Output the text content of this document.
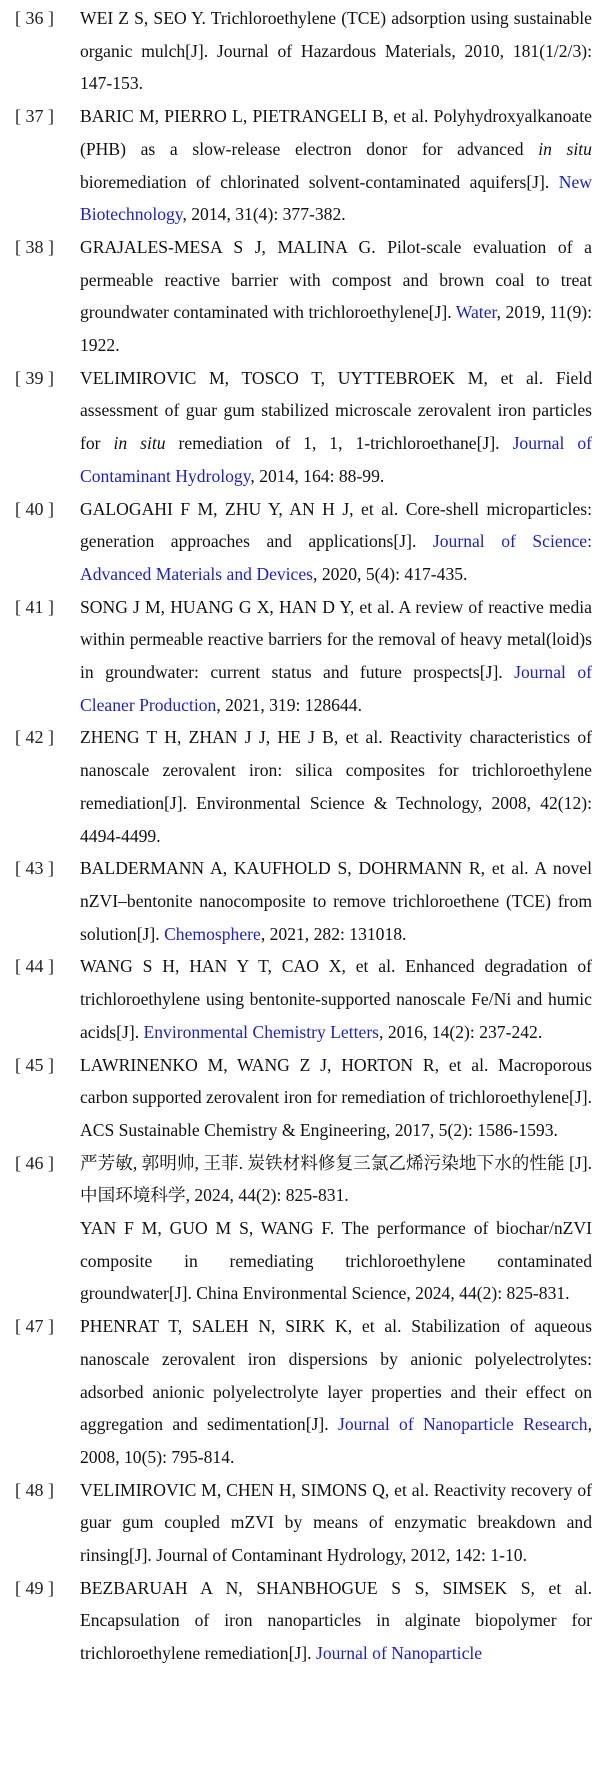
[ 36 ]	WEI Z S, SEO Y. Trichloroethylene (TCE) adsorption using sustainable organic mulch[J]. Journal of Hazardous Materials, 2010, 181(1/2/3): 147-153.

[ 37 ]	BARIC M, PIERRO L, PIETRANGELI B, et al. Polyhydroxyalkanoate (PHB) as a slow-release electron donor for advanced in situ bioremediation of chlorinated solvent-contaminated aquifers[J]. New Biotechnology, 2014, 31(4): 377-382.

[ 38 ]	GRAJALES-MESA S J, MALINA G. Pilot-scale evaluation of a permeable reactive barrier with compost and brown coal to treat groundwater contaminated with trichloroethylene[J]. Water, 2019, 11(9): 1922.

[ 39 ]	VELIMIROVIC M, TOSCO T, UYTTEBROEK M, et al. Field assessment of guar gum stabilized microscale zerovalent iron particles for in situ remediation of 1, 1, 1-trichloroethane[J]. Journal of Contaminant Hydrology, 2014, 164: 88-99.

[ 40 ]	GALOGAHI F M, ZHU Y, AN H J, et al. Core-shell microparticles: generation approaches and applications[J]. Journal of Science: Advanced Materials and Devices, 2020, 5(4): 417-435.

[ 41 ]	SONG J M, HUANG G X, HAN D Y, et al. A review of reactive media within permeable reactive barriers for the removal of heavy metal(loid)s in groundwater: current status and future prospects[J]. Journal of Cleaner Production, 2021, 319: 128644.

[ 42 ]	ZHENG T H, ZHAN J J, HE J B, et al. Reactivity characteristics of nanoscale zerovalent iron: silica composites for trichloroethylene remediation[J]. Environmental Science & Technology, 2008, 42(12): 4494-4499.

[ 43 ]	BALDERMANN A, KAUFHOLD S, DOHRMANN R, et al. A novel nZVI–bentonite nanocomposite to remove trichloroethene (TCE) from solution[J]. Chemosphere, 2021, 282: 131018.

[ 44 ]	WANG S H, HAN Y T, CAO X, et al. Enhanced degradation of trichloroethylene using bentonite-supported nanoscale Fe/Ni and humic acids[J]. Environmental Chemistry Letters, 2016, 14(2): 237-242.

[ 45 ]	LAWRINENKO M, WANG Z J, HORTON R, et al. Macroporous carbon supported zerovalent iron for remediation of trichloroethylene[J]. ACS Sustainable Chemistry & Engineering, 2017, 5(2): 1586-1593.

[ 46 ]	严芳敏, 郭明帅, 王菲. 炭铁材料修复三氯乙烯污染地下水的性能 [J]. 中国环境科学, 2024, 44(2): 825-831.

YAN F M, GUO M S, WANG F. The performance of biochar/nZVI composite in remediating trichloroethylene contaminated groundwater[J]. China Environmental Science, 2024, 44(2): 825-831.

[ 47 ]	PHENRAT T, SALEH N, SIRK K, et al. Stabilization of aqueous nanoscale zerovalent iron dispersions by anionic polyelectrolytes: adsorbed anionic polyelectrolyte layer properties and their effect on aggregation and sedimentation[J]. Journal of Nanoparticle Research, 2008, 10(5): 795-814.

[ 48 ]	VELIMIROVIC M, CHEN H, SIMONS Q, et al. Reactivity recovery of guar gum coupled mZVI by means of enzymatic breakdown and rinsing[J]. Journal of Contaminant Hydrology, 2012, 142: 1-10.

[ 49 ]	BEZBARUAH A N, SHANBHOGUE S S, SIMSEK S, et al. Encapsulation of iron nanoparticles in alginate biopolymer for trichloroethylene remediation[J]. Journal of Nanoparticle
